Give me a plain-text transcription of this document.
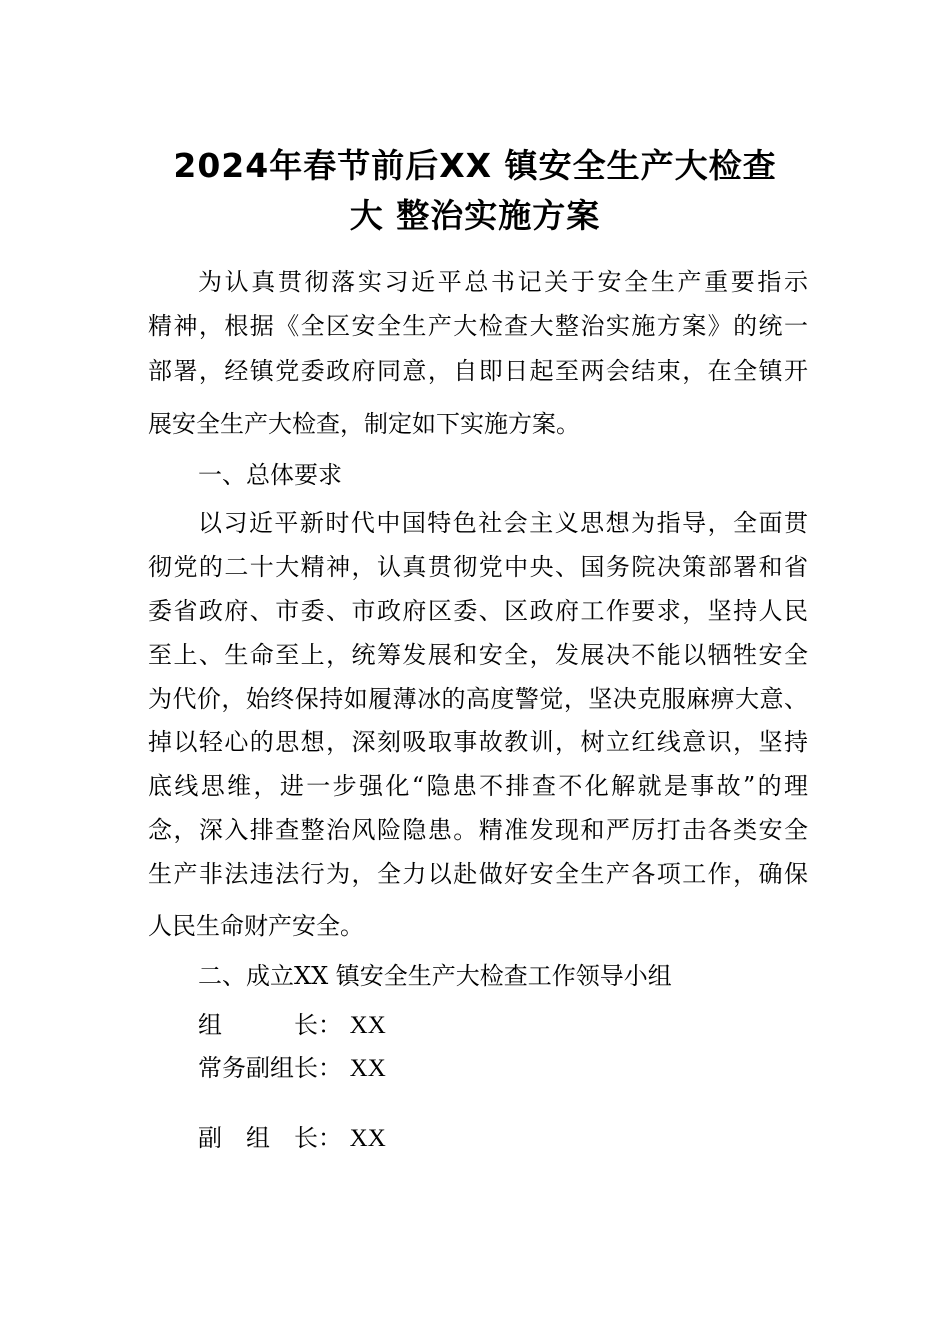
2024年春节前后XX 镇安全生产大检查
大 整治实施方案
为认真贯彻落实习近平总书记关于安全生产重要指示
精神，根据《全区安全生产大检查大整治实施方案》的统一
部署，经镇党委政府同意，自即日起至两会结束，在全镇开
展安全生产大检查，制定如下实施方案。
一、总体要求
以习近平新时代中国特色社会主义思想为指导，全面贯
彻党的二十大精神，认真贯彻党中央、国务院决策部署和省
委省政府、市委、市政府区委、区政府工作要求，坚持人民
至上、生命至上，统筹发展和安全，发展决不能以牺牲安全
为代价，始终保持如履薄冰的高度警觉，坚决克服麻痹大意、
掉以轻心的思想，深刻吸取事故教训，树立红线意识，坚持
底线思维，进一步强化“隐患不排查不化解就是事故”的理
念，深入排查整治风险隐患。精准发现和严厉打击各类安全
生产非法违法行为，全力以赴做好安全生产各项工作，确保
人民生命财产安全。
二、成立XX 镇安全生产大检查工作领导小组
组　　　长： XX
常务副组长： XX
副　组　长： XX
